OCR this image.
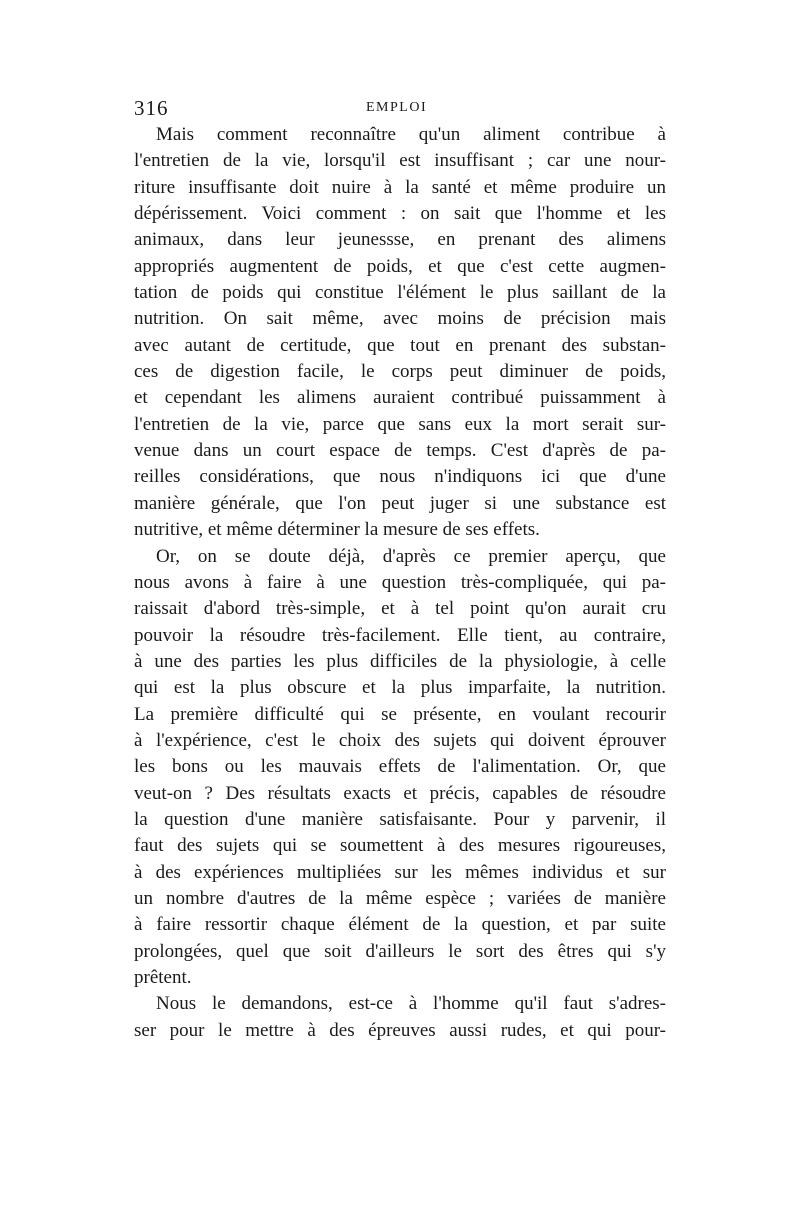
316	EMPLOI
Mais comment reconnaître qu'un aliment contribue à
l'entretien de la vie, lorsqu'il est insuffisant ; car une nour-
riture insuffisante doit nuire à la santé et même produire un
dépérissement. Voici comment : on sait que l'homme et les
animaux, dans leur jeunessse, en prenant des alimens
appropriés augmentent de poids, et que c'est cette augmen-
tation de poids qui constitue l'élément le plus saillant de la
nutrition. On sait même, avec moins de précision mais
avec autant de certitude, que tout en prenant des substan-
ces de digestion facile, le corps peut diminuer de poids,
et cependant les alimens auraient contribué puissamment à
l'entretien de la vie, parce que sans eux la mort serait sur-
venue dans un court espace de temps. C'est d'après de pa-
reilles considérations, que nous n'indiquons ici que d'une
manière générale, que l'on peut juger si une substance est
nutritive, et même déterminer la mesure de ses effets.
Or, on se doute déjà, d'après ce premier aperçu, que
nous avons à faire à une question très-compliquée, qui pa-
raissait d'abord très-simple, et à tel point qu'on aurait cru
pouvoir la résoudre très-facilement. Elle tient, au contraire,
à une des parties les plus difficiles de la physiologie, à celle
qui est la plus obscure et la plus imparfaite, la nutrition.
La première difficulté qui se présente, en voulant recourir
à l'expérience, c'est le choix des sujets qui doivent éprouver
les bons ou les mauvais effets de l'alimentation. Or, que
veut-on ? Des résultats exacts et précis, capables de résoudre
la question d'une manière satisfaisante. Pour y parvenir, il
faut des sujets qui se soumettent à des mesures rigoureuses,
à des expériences multipliées sur les mêmes individus et sur
un nombre d'autres de la même espèce ; variées de manière
à faire ressortir chaque élément de la question, et par suite
prolongées, quel que soit d'ailleurs le sort des êtres qui s'y
prêtent.
Nous le demandons, est-ce à l'homme qu'il faut s'adres-
ser pour le mettre à des épreuves aussi rudes, et qui pour-
